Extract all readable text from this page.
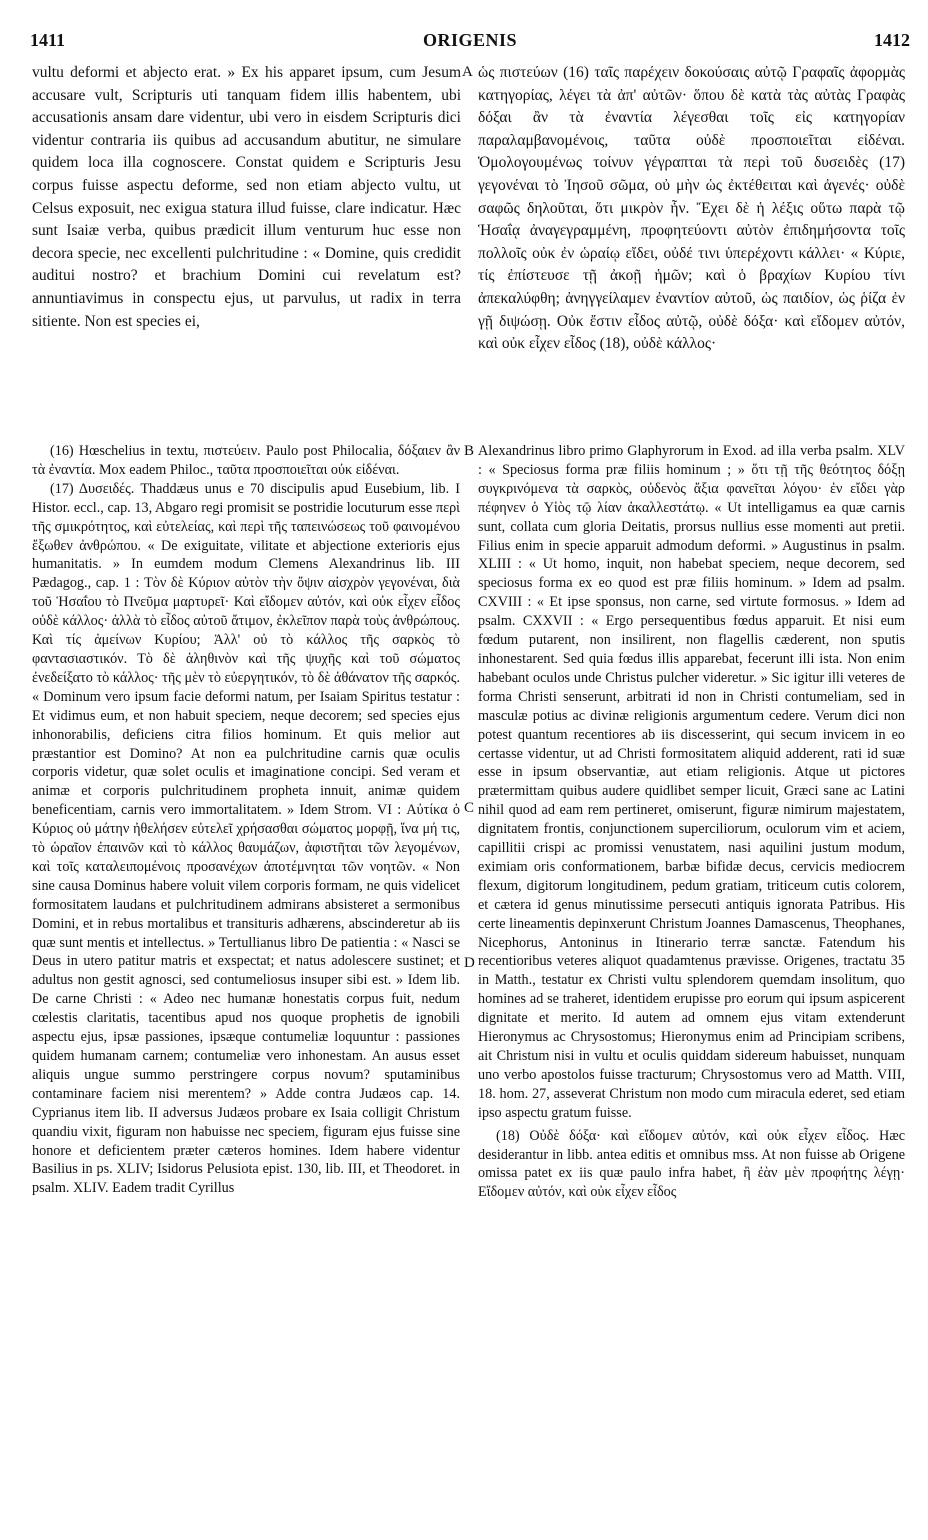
1411	ORIGENIS	1412
A
B
C
D

vultu deformi et abjecto erat. » Ex his apparet ipsum, cum Jesum accusare vult, Scripturis uti tanquam fidem illis habentem, ubi accusationis ansam dare videntur, ubi vero in eisdem Scripturis dici videntur contraria iis quibus ad accusandum abutitur, ne simulare quidem loca illa cognoscere. Constat quidem e Scripturis Jesu corpus fuisse aspectu deforme, sed non etiam abjecto vultu, ut Celsus exposuit, nec exigua statura illud fuisse, clare indicatur. Hæc sunt Isaiæ verba, quibus prædicit illum venturum huc esse non decora specie, nec excellenti pulchritudine : « Domine, quis credidit auditui nostro? et brachium Domini cui revelatum est? annuntiavimus in conspectu ejus, ut parvulus, ut radix in terra sitiente. Non est species ei,

ὡς πιστεύων (16) ταῖς παρέχειν δοκούσαις αὐτῷ Γραφαῖς ἀφορμὰς κατηγορίας, λέγει τὰ ἀπ' αὐτῶν· ὅπου δὲ κατὰ τὰς αὐτὰς Γραφὰς δόξαι ἂν τὰ ἐναντία λέγεσθαι τοῖς εἰς κατηγορίαν παραλαμβανομένοις, ταῦτα οὐδὲ προσποιεῖται εἰδέναι. Ὁμολογουμένως τοίνυν γέγραπται τὰ περὶ τοῦ δυσειδὲς (17) γεγονέναι τὸ Ἰησοῦ σῶμα, οὐ μὴν ὡς ἐκτέθειται καὶ ἀγενές· οὐδὲ σαφῶς δηλοῦται, ὅτι μικρὸν ἦν. Ἔχει δὲ ἡ λέξις οὕτω παρὰ τῷ Ἡσαΐᾳ ἀναγεγραμμένη, προφητεύοντι αὐτὸν ἐπιδημήσοντα τοῖς πολλοῖς οὐκ ἐν ὡραίῳ εἴδει, οὐδέ τινι ὑπερέχοντι κάλλει· « Κύριε, τίς ἐπίστευσε τῇ ἀκοῇ ἡμῶν; καὶ ὁ βραχίων Κυρίου τίνι ἀπεκαλύφθη; ἀνηγγείλαμεν ἐναντίον αὐτοῦ, ὡς παιδίον, ὡς ῥίζα ἐν γῇ διψώσῃ. Οὐκ ἔστιν εἶδος αὐτῷ, οὐδὲ δόξα· καὶ εἴδομεν αὐτόν, καὶ οὐκ εἶχεν εἶδος (18), οὐδὲ κάλλος·

(16) Hœschelius in textu, πιστεύειν. Paulo post Philocalia, δόξαιεν ἂν τὰ ἐναντία. Mox eadem Philoc., ταῦτα προσποιεῖται οὐκ εἰδέναι.

(17) Δυσειδές. Thaddæus unus e 70 discipulis apud Eusebium, lib. I Histor. eccl., cap. 13, Abgaro regi promisit se postridie locuturum esse περὶ τῆς σμικρότητος, καὶ εὐτελείας, καὶ περὶ τῆς ταπεινώσεως τοῦ φαινομένου ἔξωθεν ἀνθρώπου. « De exiguitate, vilitate et abjectione exterioris ejus humanitatis. » In eumdem modum Clemens Alexandrinus lib. III Pædagog., cap. 1 : Τὸν δὲ Κύριον αὐτὸν τὴν ὄψιν αἰσχρὸν γεγονέναι, διὰ τοῦ Ἡσαΐου τὸ Πνεῦμα μαρτυρεῖ· Καὶ εἴδομεν αὐτόν, καὶ οὐκ εἶχεν εἶδος οὐδὲ κάλλος· ἀλλὰ τὸ εἶδος αὐτοῦ ἄτιμον, ἐκλεῖπον παρὰ τοὺς ἀνθρώπους. Καὶ τίς ἀμείνων Κυρίου; Ἀλλ' οὐ τὸ κάλλος τῆς σαρκὸς τὸ φαντασιαστικόν. Τὸ δὲ ἀληθινὸν καὶ τῆς ψυχῆς καὶ τοῦ σώματος ἐνεδείξατο τὸ κάλλος· τῆς μὲν τὸ εὐεργητικόν, τὸ δὲ ἀθάνατον τῆς σαρκός. « Dominum vero ipsum facie deformi natum, per Isaiam Spiritus testatur : Et vidimus eum, et non habuit speciem, neque decorem; sed species ejus inhonorabilis, deficiens citra filios hominum. Et quis melior aut præstantior est Domino? At non ea pulchritudine carnis quæ oculis corporis videtur, quæ solet oculis et imaginatione concipi. Sed veram et animæ et corporis pulchritudinem propheta innuit, animæ quidem beneficentiam, carnis vero immortalitatem. » Idem Strom. VI : Αὐτίκα ὁ Κύριος οὐ μάτην ἠθελήσεν εὐτελεῖ χρήσασθαι σώματος μορφῇ, ἵνα μή τις, τὸ ὡραῖον ἐπαινῶν καὶ τὸ κάλλος θαυμάζων, ἀφιστῆται τῶν λεγομένων, καὶ τοῖς καταλειπομένοις προσανέχων ἀποτέμνηται τῶν νοητῶν. « Non sine causa Dominus habere voluit vilem corporis formam, ne quis videlicet formositatem laudans et pulchritudinem admirans absisteret a sermonibus Domini, et in rebus mortalibus et transituris adhærens, abscinderetur ab iis quæ sunt mentis et intellectus. » Tertullianus libro De patientia : « Nasci se Deus in utero patitur matris et exspectat; et natus adolescere sustinet; et adultus non gestit agnosci, sed contumeliosus insuper sibi est. » Idem lib. De carne Christi : « Adeo nec humanæ honestatis corpus fuit, nedum cœlestis claritatis, tacentibus apud nos quoque prophetis de ignobili aspectu ejus, ipsæ passiones, ipsæque contumeliæ loquuntur : passiones quidem humanam carnem; contumeliæ vero inhonestam. An ausus esset aliquis ungue summo perstringere corpus novum? sputaminibus contaminare faciem nisi merentem? » Adde contra Judæos cap. 14. Cyprianus item lib. II adversus Judæos probare ex Isaia colligit Christum quandiu vixit, figuram non habuisse nec speciem, figuram ejus fuisse sine honore et deficientem præter cæteros homines. Idem habere videntur Basilius in ps. XLIV; Isidorus Pelusiota epist. 130, lib. III, et Theodoret. in psalm. XLIV. Eadem tradit Cyrillus

Alexandrinus libro primo Glaphyrorum in Exod. ad illa verba psalm. XLV : « Speciosus forma præ filiis hominum ; » ὅτι τῇ τῆς θεότητος δόξῃ συγκρινόμενα τὰ σαρκὸς, οὐδενὸς ἄξια φανεῖται λόγου· ἐν εἴδει γὰρ πέφηνεν ὁ Υἱὸς τῷ λίαν ἀκαλλεστάτῳ. « Ut intelligamus ea quæ carnis sunt, collata cum gloria Deitatis, prorsus nullius esse momenti aut pretii. Filius enim in specie apparuit admodum deformi. » Augustinus in psalm. XLIII : « Ut homo, inquit, non habebat speciem, neque decorem, sed speciosus forma ex eo quod est præ filiis hominum. » Idem ad psalm. CXVIII : « Et ipse sponsus, non carne, sed virtute formosus. » Idem ad psalm. CXXVII : « Ergo persequentibus fœdus apparuit. Et nisi eum fœdum putarent, non insilirent, non flagellis cæderent, non sputis inhonestarent. Sed quia fœdus illis apparebat, fecerunt illi ista. Non enim habebant oculos unde Christus pulcher videretur. » Sic igitur illi veteres de forma Christi senserunt, arbitrati id non in Christi contumeliam, sed in masculæ potius ac divinæ religionis argumentum cedere. Verum dici non potest quantum recentiores ab iis discesserint, qui secum invicem in eo certasse videntur, ut ad Christi formositatem aliquid adderent, rati id suæ esse in ipsum observantiæ, aut etiam religionis. Atque ut pictores prætermittam quibus audere quidlibet semper licuit, Græci sane ac Latini nihil quod ad eam rem pertineret, omiserunt, figuræ nimirum majestatem, dignitatem frontis, conjunctionem superciliorum, oculorum vim et aciem, capillitii crispi ac promissi venustatem, nasi aquilini justum modum, eximiam oris conformationem, barbæ bifidæ decus, cervicis mediocrem flexum, digitorum longitudinem, pedum gratiam, triticeum cutis colorem, et cætera id genus minutissime persecuti antiquis ignorata Patribus. His certe lineamentis depinxerunt Christum Joannes Damascenus, Theophanes, Nicephorus, Antoninus in Itinerario terræ sanctæ. Fatendum his recentioribus veteres aliquot quadamtenus prævisse. Origenes, tractatu 35 in Matth., testatur ex Christi vultu splendorem quemdam insolitum, quo homines ad se traheret, identidem erupisse pro eorum qui ipsum aspicerent dignitate et merito. Id autem ad omnem ejus vitam extenderunt Hieronymus ac Chrysostomus; Hieronymus enim ad Principiam scribens, ait Christum nisi in vultu et oculis quiddam sidereum habuisset, nunquam uno verbo apostolos fuisse tracturum; Chrysostomus vero ad Matth. VIII, 18. hom. 27, asseverat Christum non modo cum miracula ederet, sed etiam ipso aspectu gratum fuisse.

(18) Οὐδὲ δόξα· καὶ εἴδομεν αὐτόν, καὶ οὐκ εἶχεν εἶδος. Hæc desiderantur in libb. antea editis et omnibus mss. At non fuisse ab Origene omissa patet ex iis quæ paulo infra habet, ἢ ἐὰν μὲν προφήτης λέγῃ· Εἴδομεν αὐτόν, καὶ οὐκ εἶχεν εἶδος
